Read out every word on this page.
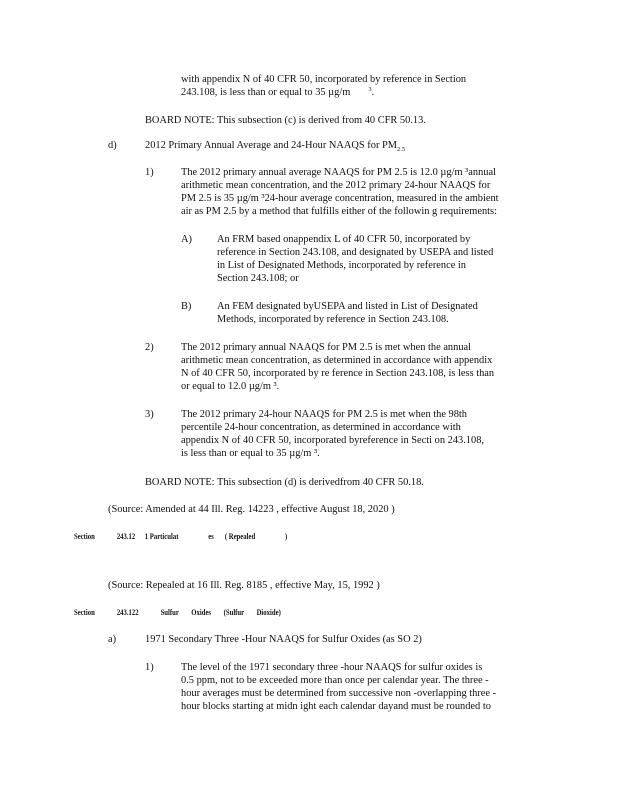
with appendix N of 40 CFR 50, incorporated by reference in Section
243.108, is less than or equal to 35 µg/m	$^3$.
BOARD NOTE: This subsection (c) is derived from 40 CFR 50.13.
d)	2012 Primary Annual Average and 24-Hour NAAQS for $PM_{2.5}$
1)	The 2012 primary annual average NAAQS for PM 2.5 is 12.0 µg/m ³annual
arithmetic mean concentration, and the 2012 primary 24-hour NAAQS for
PM 2.5 is 35 µg/m ³24-hour average concentration, measured in the ambient
air as PM 2.5 by a method that fulfills either of the followin g requirements:
A) An FRM based onappendix L of 40 CFR 50, incorporated by
reference in Section 243.108, and designated by USEPA and listed
in List of Designated Methods, incorporated by reference in
Section 243.108; or
B) An FEM designated byUSEPA and listed in List of Designated
Methods, incorporated by reference in Section 243.108.
2)	The 2012 primary annual NAAQS for PM 2.5 is met when the annual
arithmetic mean concentration, as determined in accordance with appendix
N of 40 CFR 50, incorporated by re ference in Section 243.108, is less than
or equal to 12.0 µg/m ³.
3)	The 2012 primary 24-hour NAAQS for PM 2.5 is met when the 98th
percentile 24-hour concentration, as determined in accordance with
appendix N of 40 CFR 50, incorporated byreference in Secti on 243.108,
is less than or equal to 35 µg/m ³.
BOARD NOTE: This subsection (d) is derivedfrom 40 CFR 50.18.
(Source: Amended at 44 Ill. Reg. 14223 , effective August 18, 2020 )
Section	243.12 1 Particulat	es ( Repealed	)
(Source: Repealed at 16 Ill. Reg. 8185 , effective May, 15, 1992 )
Section	243.122	Sulfur Oxides (Sulfur Dioxide)
a)	1971 Secondary Three -Hour NAAQS for Sulfur Oxides (as SO 2)
1)	The level of the 1971 secondary three -hour NAAQS for sulfur oxides is
0.5 ppm, not to be exceeded more than once per calendar year. The three -
hour averages must be determined from successive non -overlapping three -
hour blocks starting at midn ight each calendar dayand must be rounded to
